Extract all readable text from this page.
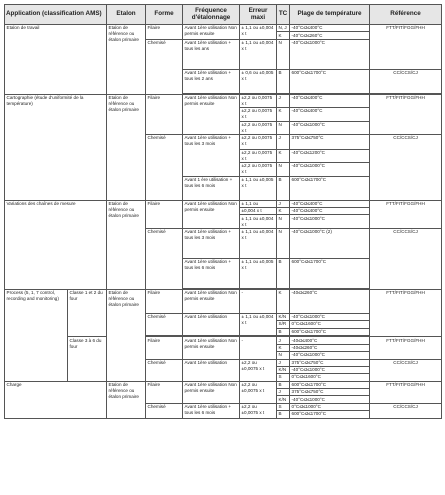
Application (classification AMS)		Etalon	Forme	Fréquence d'étalonnage	Erreur maxi	TC	Plage de température	Référence
Etalon de travail		Etalon de référence ou étalon primaire	Filaire	Avant 1ère utilisation Non permis ensuite	± 1,1 ou ±0,004 x t	N, J	-40°C≤t≤400°C	FTT/FIT/FGG/FHH
						K	-40°C≤t≤260°C	
			Chemisé	Avant 1ère utilisation + tous les ans	± 1,1 ou ±0,004 x t	N	-40°C≤t≤1000°C	
				Avant 1ère utilisation + tous les 2 ans	± 0,6 ou ±0,005 x t	B	600°C≤t≤1700°C	CC/CCS/CJ

Cartographie (étude d'uniformité de la température)		Etalon de référence ou étalon primaire	Filaire	Avant 1ère utilisation Non permis ensuite	±2,2 ou 0,0075 x t	J	-40°C≤t≤400°C	FTT/FIT/FGG/FHH
					±2,2 ou 0,0075 x t	K	-40°C≤t≤400°C	
					±2,2 ou 0,0075 x t	N	-40°C≤t≤1000°C	
			Chemisé	Avant 1ère utilisation + tous les 3 mois	±2,2 ou 0,0075 x t	J	375°C≤t≤750°C	CC/CCS/CJ
					±2,2 ou 0,0075 x t	K	-40°C≤t≤1200°C	
					±2,2 ou 0,0075 x t	N	-40°C≤t≤1000°C	
				Avant 1 ère utilisation + tous les 6 mois	± 1,1 ou ±0,005 x t	B	600°C≤t≤1700°C	
Variations des chaînes de mesure		Etalon de référence ou étalon primaire	Filaire	Avant 1ère utilisation Non permis ensuite	± 1,1 ou	J	-40°C≤t≤400°C	FTT/FIT/FGG/FHH
					±0,004 x t	K	-40°C≤t≤400°C	
					± 1,1 ou ±0,004 x t	N	-40°C≤t≤1000°C	
			Chemisé	Avant 1ère utilisation + tous les 3 mois	± 1,1 ou ±0,004 x t	N	-40°C≤t≤1000°C (2)	CC/CCS/CJ
				Avant 1ère utilisation + tous les 6 mois	± 1,1 ou ±0,005 x t	B	600°C≤t≤1700°C	

Process (5, 1, 7 control, recording and monitoring)	Classe 1 et 2 du four	Etalon de référence ou étalon primaire	Filaire	Avant 1ère utilisation Non permis ensuite	-	K	-40≤t≤260°C	FTT/FIT/FGG/FHH
			Chemisé	Avant 1ère utilisation	± 1,1 ou ±0,004 x t	K/N	-40°C≤t≤1000°C	
						S/R	0°C≤t≤1600°C	
						B	600°C≤t≤1700°C	

	Classe 3 à 6 du four		Filaire	Avant 1ère utilisation Non permis ensuite	-	J	-40≤t≤400°C	FTT/FIT/FGG/FHH
						K	-40≤t≤260°C	
						N	-40°C≤t≤1000°C	
			Chemisé	Avant 1ère utilisation	±2,2 ou ±0,0075 x t	J	375°C≤t≤750°C	CC/CCS/CJ
						K/N	-40°C≤t≤1000°C	
						S	0°C≤t≤1600°C	
Charge		Etalon de référence ou étalon primaire	Filaire	Avant 1ère utilisation Non permis ensuite	±2,2 ou ±0,0075 x t	B	600°C≤t≤1700°C	FTT/FIT/FGG/FHH
						J	375°C≤t≤750°C	
						K/N	-40°C≤t≤1000°C	
			Chemisé	Avant 1ère utilisation + tous les 6 mois	±2,2 ou ±0,0075 x t	S	0°C≤t≤1000°C	CC/CCS/CJ
						B	600°C≤t≤1700°C	
